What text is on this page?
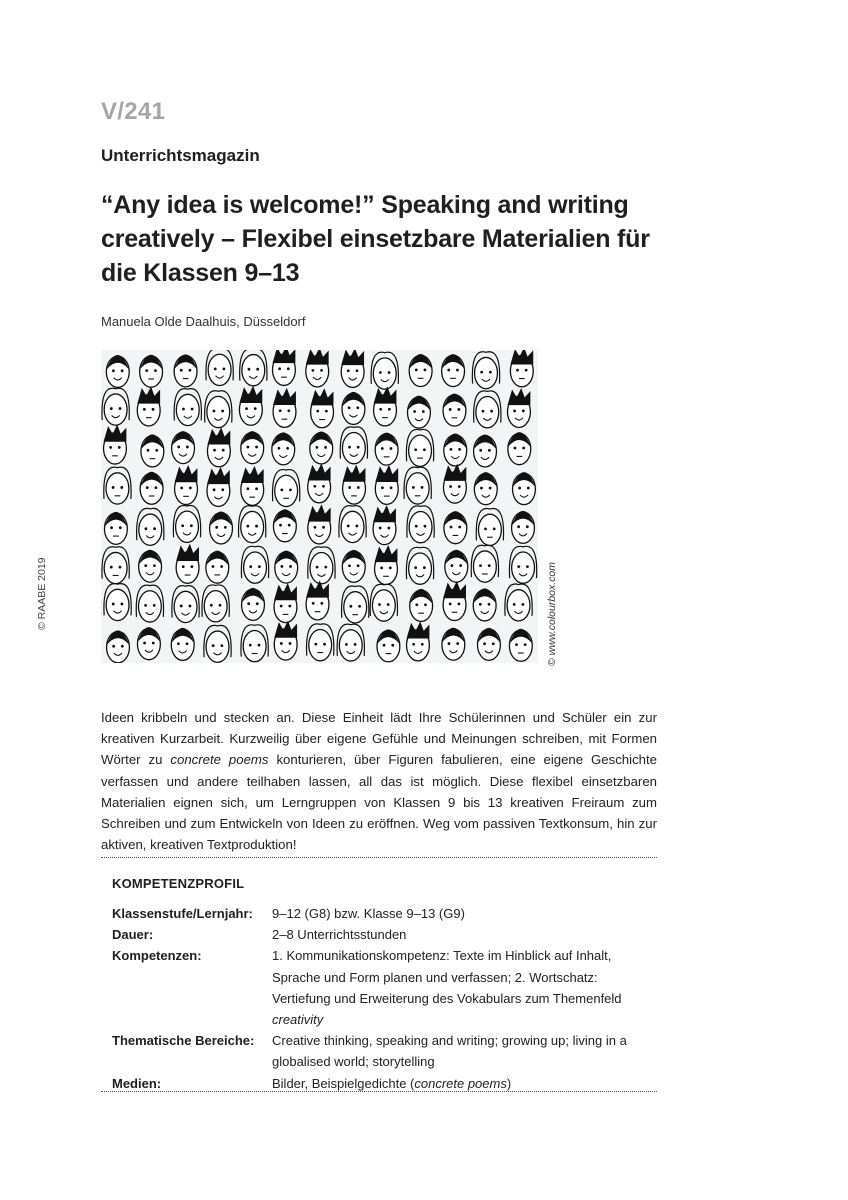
V/241
Unterrichtsmagazin
“Any idea is welcome!” Speaking and writing creatively – Flexibel einsetzbare Materialien für die Klassen 9–13
Manuela Olde Daalhuis, Düsseldorf
© www.colourbox.com
© RAABE 2019
Ideen kribbeln und stecken an. Diese Einheit lädt Ihre Schülerinnen und Schüler ein zur kreativen Kurzarbeit. Kurzweilig über eigene Gefühle und Meinungen schreiben, mit Formen Wörter zu concrete poems konturieren, über Figuren fabulieren, eine eigene Geschichte verfassen und andere teilhaben lassen, all das ist möglich. Diese flexibel einsetzbaren Materialien eignen sich, um Lerngruppen von Klassen 9 bis 13 kreativen Freiraum zum Schreiben und zum Entwickeln von Ideen zu eröffnen. Weg vom passiven Textkonsum, hin zur aktiven, kreativen Textproduktion!
KOMPETENZPROFIL
Klassenstufe/Lernjahr:	9–12 (G8) bzw. Klasse 9–13 (G9)
Dauer:	2–8 Unterrichtsstunden
Kompetenzen:	1. Kommunikationskompetenz: Texte im Hinblick auf Inhalt, Sprache und Form planen und verfassen; 2. Wortschatz: Vertiefung und Erweiterung des Vokabulars zum Themenfeld creativity
Thematische Bereiche:	Creative thinking, speaking and writing; growing up; living in a globalised world; storytelling
Medien:	Bilder, Beispielgedichte (concrete poems)
